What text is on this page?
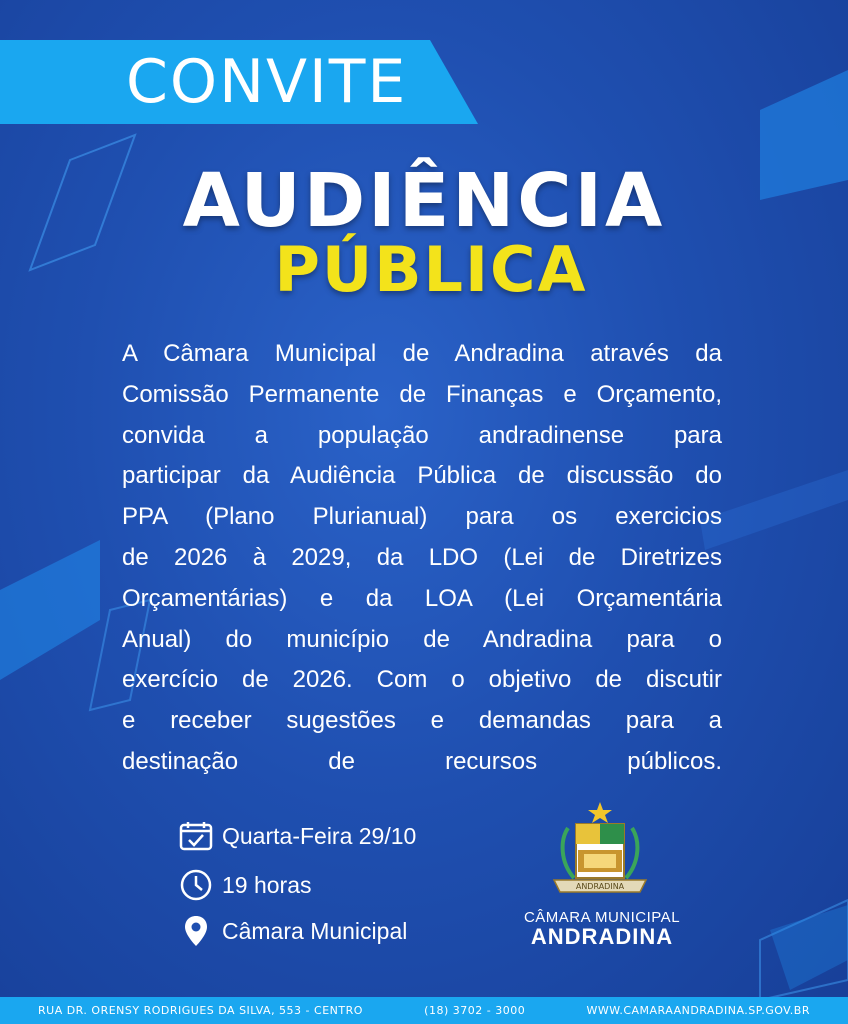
CONVITE
AUDIÊNCIA
PÚBLICA
A Câmara Municipal de Andradina através da
Comissão Permanente de Finanças e Orçamento,
convida a população andradinense para
participar da Audiência Pública de discussão do
PPA (Plano Plurianual) para os exercicios
de 2026 à 2029, da LDO (Lei de Diretrizes
Orçamentárias) e da LOA (Lei Orçamentária
Anual) do município de Andradina para o
exercício de 2026. Com o objetivo de discutir
e receber sugestões e demandas para a
destinação de recursos públicos.
Quarta-Feira 29/10
19 horas
Câmara Municipal
ANDRADINA
CÂMARA MUNICIPAL
ANDRADINA
RUA DR. ORENSY RODRIGUES DA SILVA, 553 - CENTRO	(18) 3702 - 3000	WWW.CAMARAANDRADINA.SP.GOV.BR
